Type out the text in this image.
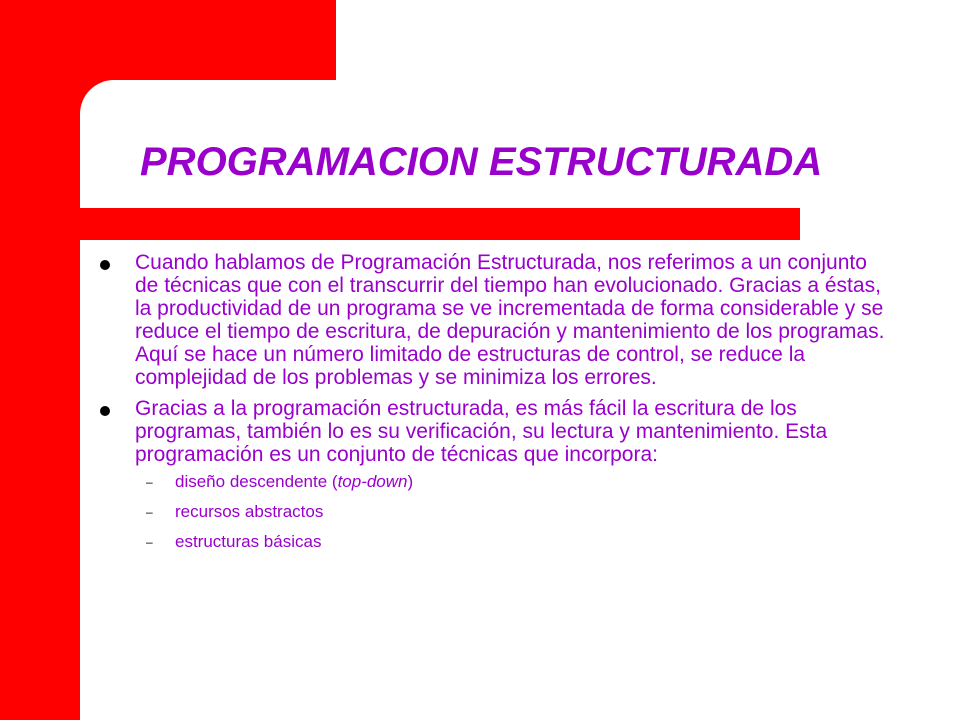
PROGRAMACION ESTRUCTURADA
Cuando hablamos de Programación Estructurada, nos referimos a un conjunto de técnicas que con el transcurrir del tiempo han evolucionado. Gracias a éstas, la productividad de un programa se ve incrementada de forma considerable y se reduce el tiempo de escritura, de depuración y mantenimiento de los programas. Aquí se hace un número limitado de estructuras de control, se reduce la complejidad de los problemas y se minimiza los errores.
Gracias a la programación estructurada, es más fácil la escritura de los programas, también lo es su verificación, su lectura y mantenimiento. Esta programación es un conjunto de técnicas que incorpora:
– diseño descendente (top-down)
– recursos abstractos
– estructuras básicas
